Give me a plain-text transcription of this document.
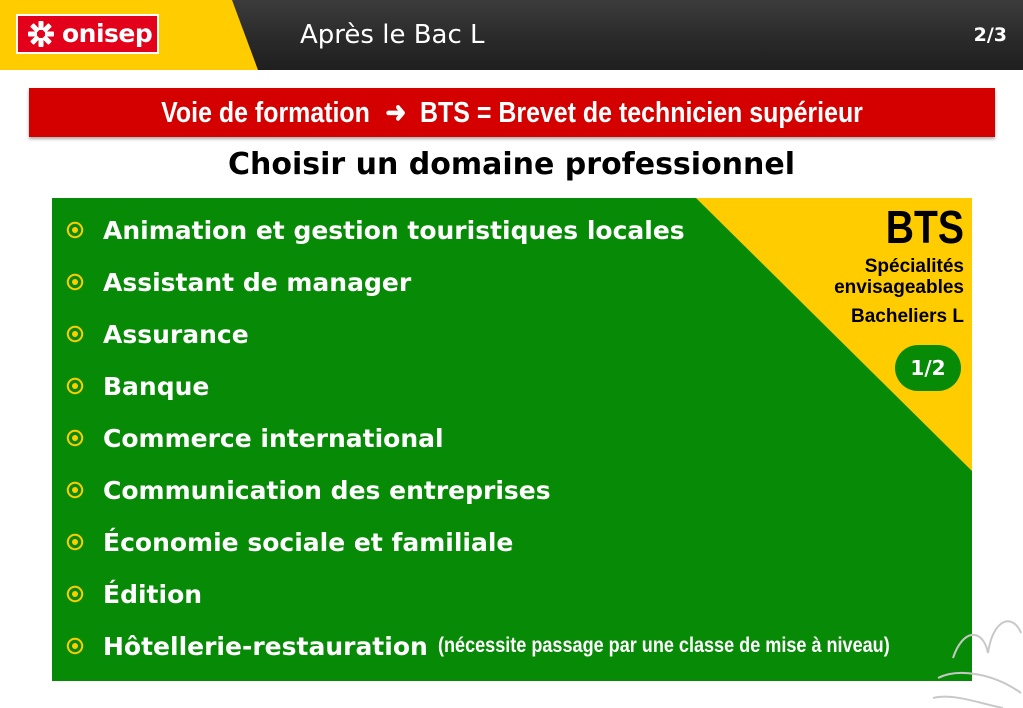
onisep	Après le Bac L	2/3
Voie de formation ➜ BTS = Brevet de technicien supérieur
Choisir un domaine professionnel
BTS
Spécialités
envisageables
Bacheliers L
1/2
Animation et gestion touristiques locales
Assistant de manager
Assurance
Banque
Commerce international
Communication des entreprises
Économie sociale et familiale
Édition
Hôtellerie-restauration (nécessite passage par une classe de mise à niveau)
